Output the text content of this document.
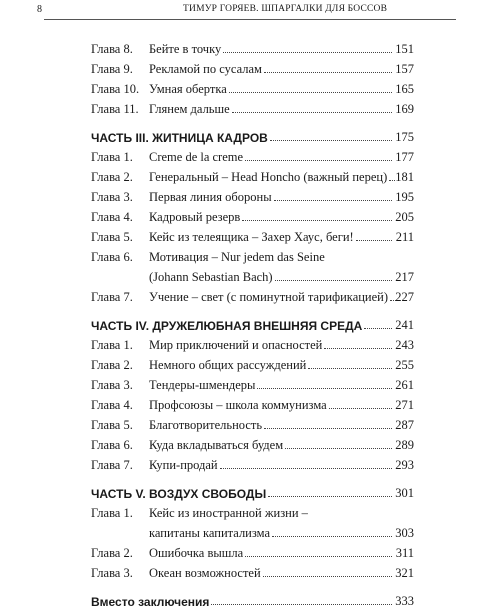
8	ТИМУР ГОРЯЕВ. ШПАРГАЛКИ ДЛЯ БОССОВ
Глава 8.	Бейте в точку	151
Глава 9.	Рекламой по сусалам	157
Глава 10. Умная обертка	165
Глава 11. Глянем дальше	169
ЧАСТЬ III. ЖИТНИЦА КАДРОВ	175
Глава 1.	Creme de la creme	177
Глава 2.	Генеральный – Head Honcho (важный перец) 181
Глава 3.	Первая линия обороны	195
Глава 4.	Кадровый резерв	205
Глава 5.	Кейс из телеящика – Захер Хаус, беги!	211
Глава 6.	Мотивация – Nur jedem das Seine
(Johann Sebastian Bach)	217
Глава 7.	Учение – свет (с поминутной тарификацией) 227
ЧАСТЬ IV. ДРУЖЕЛЮБНАЯ ВНЕШНЯЯ СРЕДА	241
Глава 1.	Мир приключений и опасностей	243
Глава 2.	Немного общих рассуждений	255
Глава 3.	Тендеры-шмендеры	261
Глава 4.	Профсоюзы – школа коммунизма	271
Глава 5.	Благотворительность	287
Глава 6.	Куда вкладываться будем	289
Глава 7.	Купи-продай	293
ЧАСТЬ V. ВОЗДУХ СВОБОДЫ	301
Глава 1.	Кейс из иностранной жизни –
капитаны капитализма	303
Глава 2.	Ошибочка вышла	311
Глава 3.	Океан возможностей	321
Вместо заключения	333
